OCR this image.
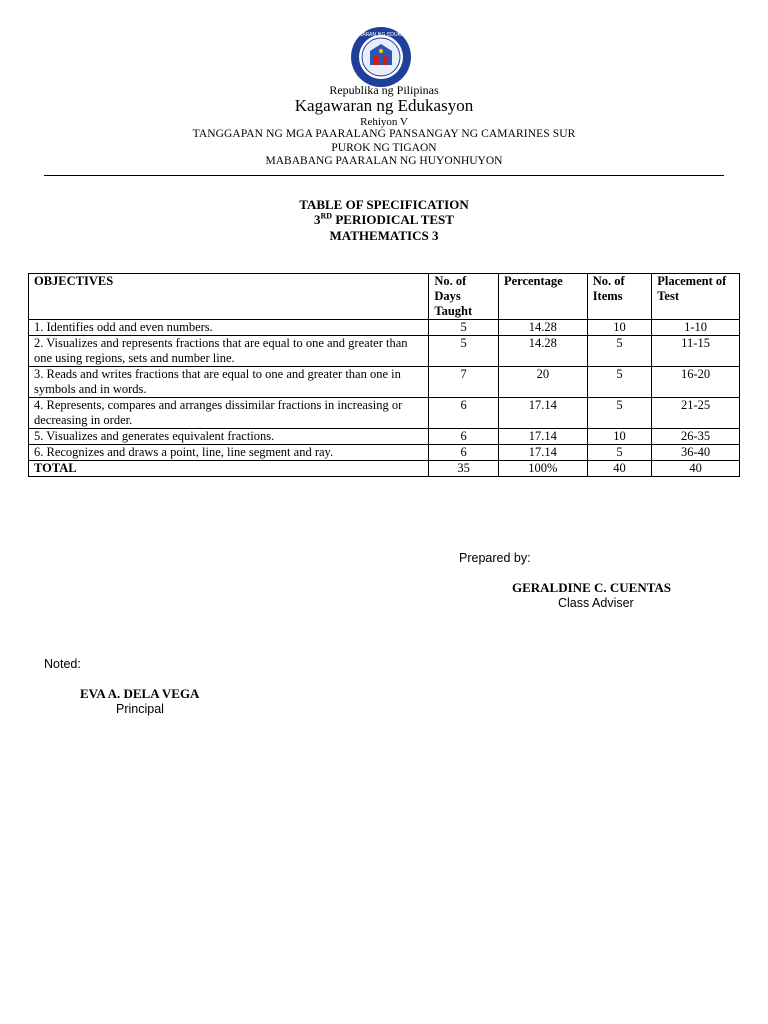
KAGAWARAN NG EDUKASYON
Republika ng Pilipinas
Kagawaran ng Edukasyon
Rehiyon V
TANGGAPAN NG MGA PAARALANG PANSANGAY NG CAMARINES SUR
PUROK NG TIGAON
MABABANG PAARALAN NG HUYONHUYON
TABLE OF SPECIFICATION
3RD PERIODICAL TEST
MATHEMATICS 3
OBJECTIVES	No. of Days Taught	Percentage	No. of Items	Placement of Test
1. Identifies odd and even numbers.	5	14.28	10	1-10
2. Visualizes and represents fractions that are equal to one and greater than one using regions, sets and number line.	5	14.28	5	11-15
3. Reads and writes fractions that are equal to one and greater than one in symbols and in words.	7	20	5	16-20
4. Represents, compares and arranges dissimilar fractions in increasing or decreasing in order.	6	17.14	5	21-25
5. Visualizes and generates equivalent fractions.	6	17.14	10	26-35
6. Recognizes and draws a point, line, line segment and ray.	6	17.14	5	36-40
TOTAL	35	100%	40	40
Prepared by:
GERALDINE C. CUENTAS
Class Adviser
Noted:
EVA A. DELA VEGA
Principal
